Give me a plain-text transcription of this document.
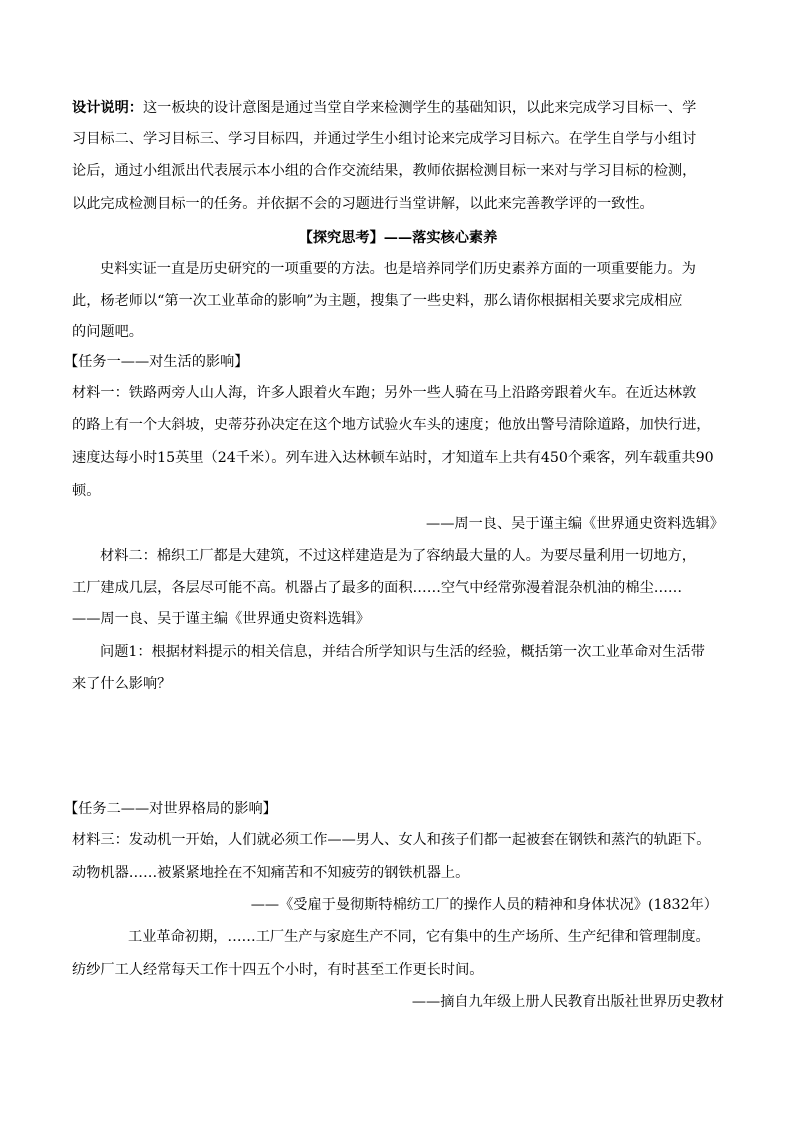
设计说明：这一板块的设计意图是通过当堂自学来检测学生的基础知识，以此来完成学习目标一、学
习目标二、学习目标三、学习目标四，并通过学生小组讨论来完成学习目标六。在学生自学与小组讨
论后，通过小组派出代表展示本小组的合作交流结果，教师依据检测目标一来对与学习目标的检测，
以此完成检测目标一的任务。并依据不会的习题进行当堂讲解，以此来完善教学评的一致性。
【探究思考】——落实核心素养
史料实证一直是历史研究的一项重要的方法。也是培养同学们历史素养方面的一项重要能力。为
此，杨老师以“第一次工业革命的影响”为主题，搜集了一些史料，那么请你根据相关要求完成相应
的问题吧。
【任务一——对生活的影响】
材料一：铁路两旁人山人海，许多人跟着火车跑；另外一些人骑在马上沿路旁跟着火车。在近达林敦
的路上有一个大斜坡，史蒂芬孙决定在这个地方试验火车头的速度；他放出警号清除道路，加快行进，
速度达每小时15英里（24千米）。列车进入达林顿车站时，才知道车上共有450个乘客，列车载重共90
顿。
——周一良、吴于谨主编《世界通史资料选辑》
材料二：棉织工厂都是大建筑，不过这样建造是为了容纳最大量的人。为要尽量利用一切地方，
工厂建成几层，各层尽可能不高。机器占了最多的面积……空气中经常弥漫着混杂机油的棉尘……
——周一良、吴于谨主编《世界通史资料选辑》
问题1：根据材料提示的相关信息，并结合所学知识与生活的经验，概括第一次工业革命对生活带
来了什么影响？
【任务二——对世界格局的影响】
材料三：发动机一开始，人们就必须工作——男人、女人和孩子们都一起被套在钢铁和蒸汽的轨距下。
动物机器……被紧紧地拴在不知痛苦和不知疲劳的钢铁机器上。
——《受雇于曼彻斯特棉纺工厂的操作人员的精神和身体状况》(1832年）
工业革命初期，……工厂生产与家庭生产不同，它有集中的生产场所、生产纪律和管理制度。
纺纱厂工人经常每天工作十四五个小时，有时甚至工作更长时间。
——摘自九年级上册人民教育出版社世界历史教材
